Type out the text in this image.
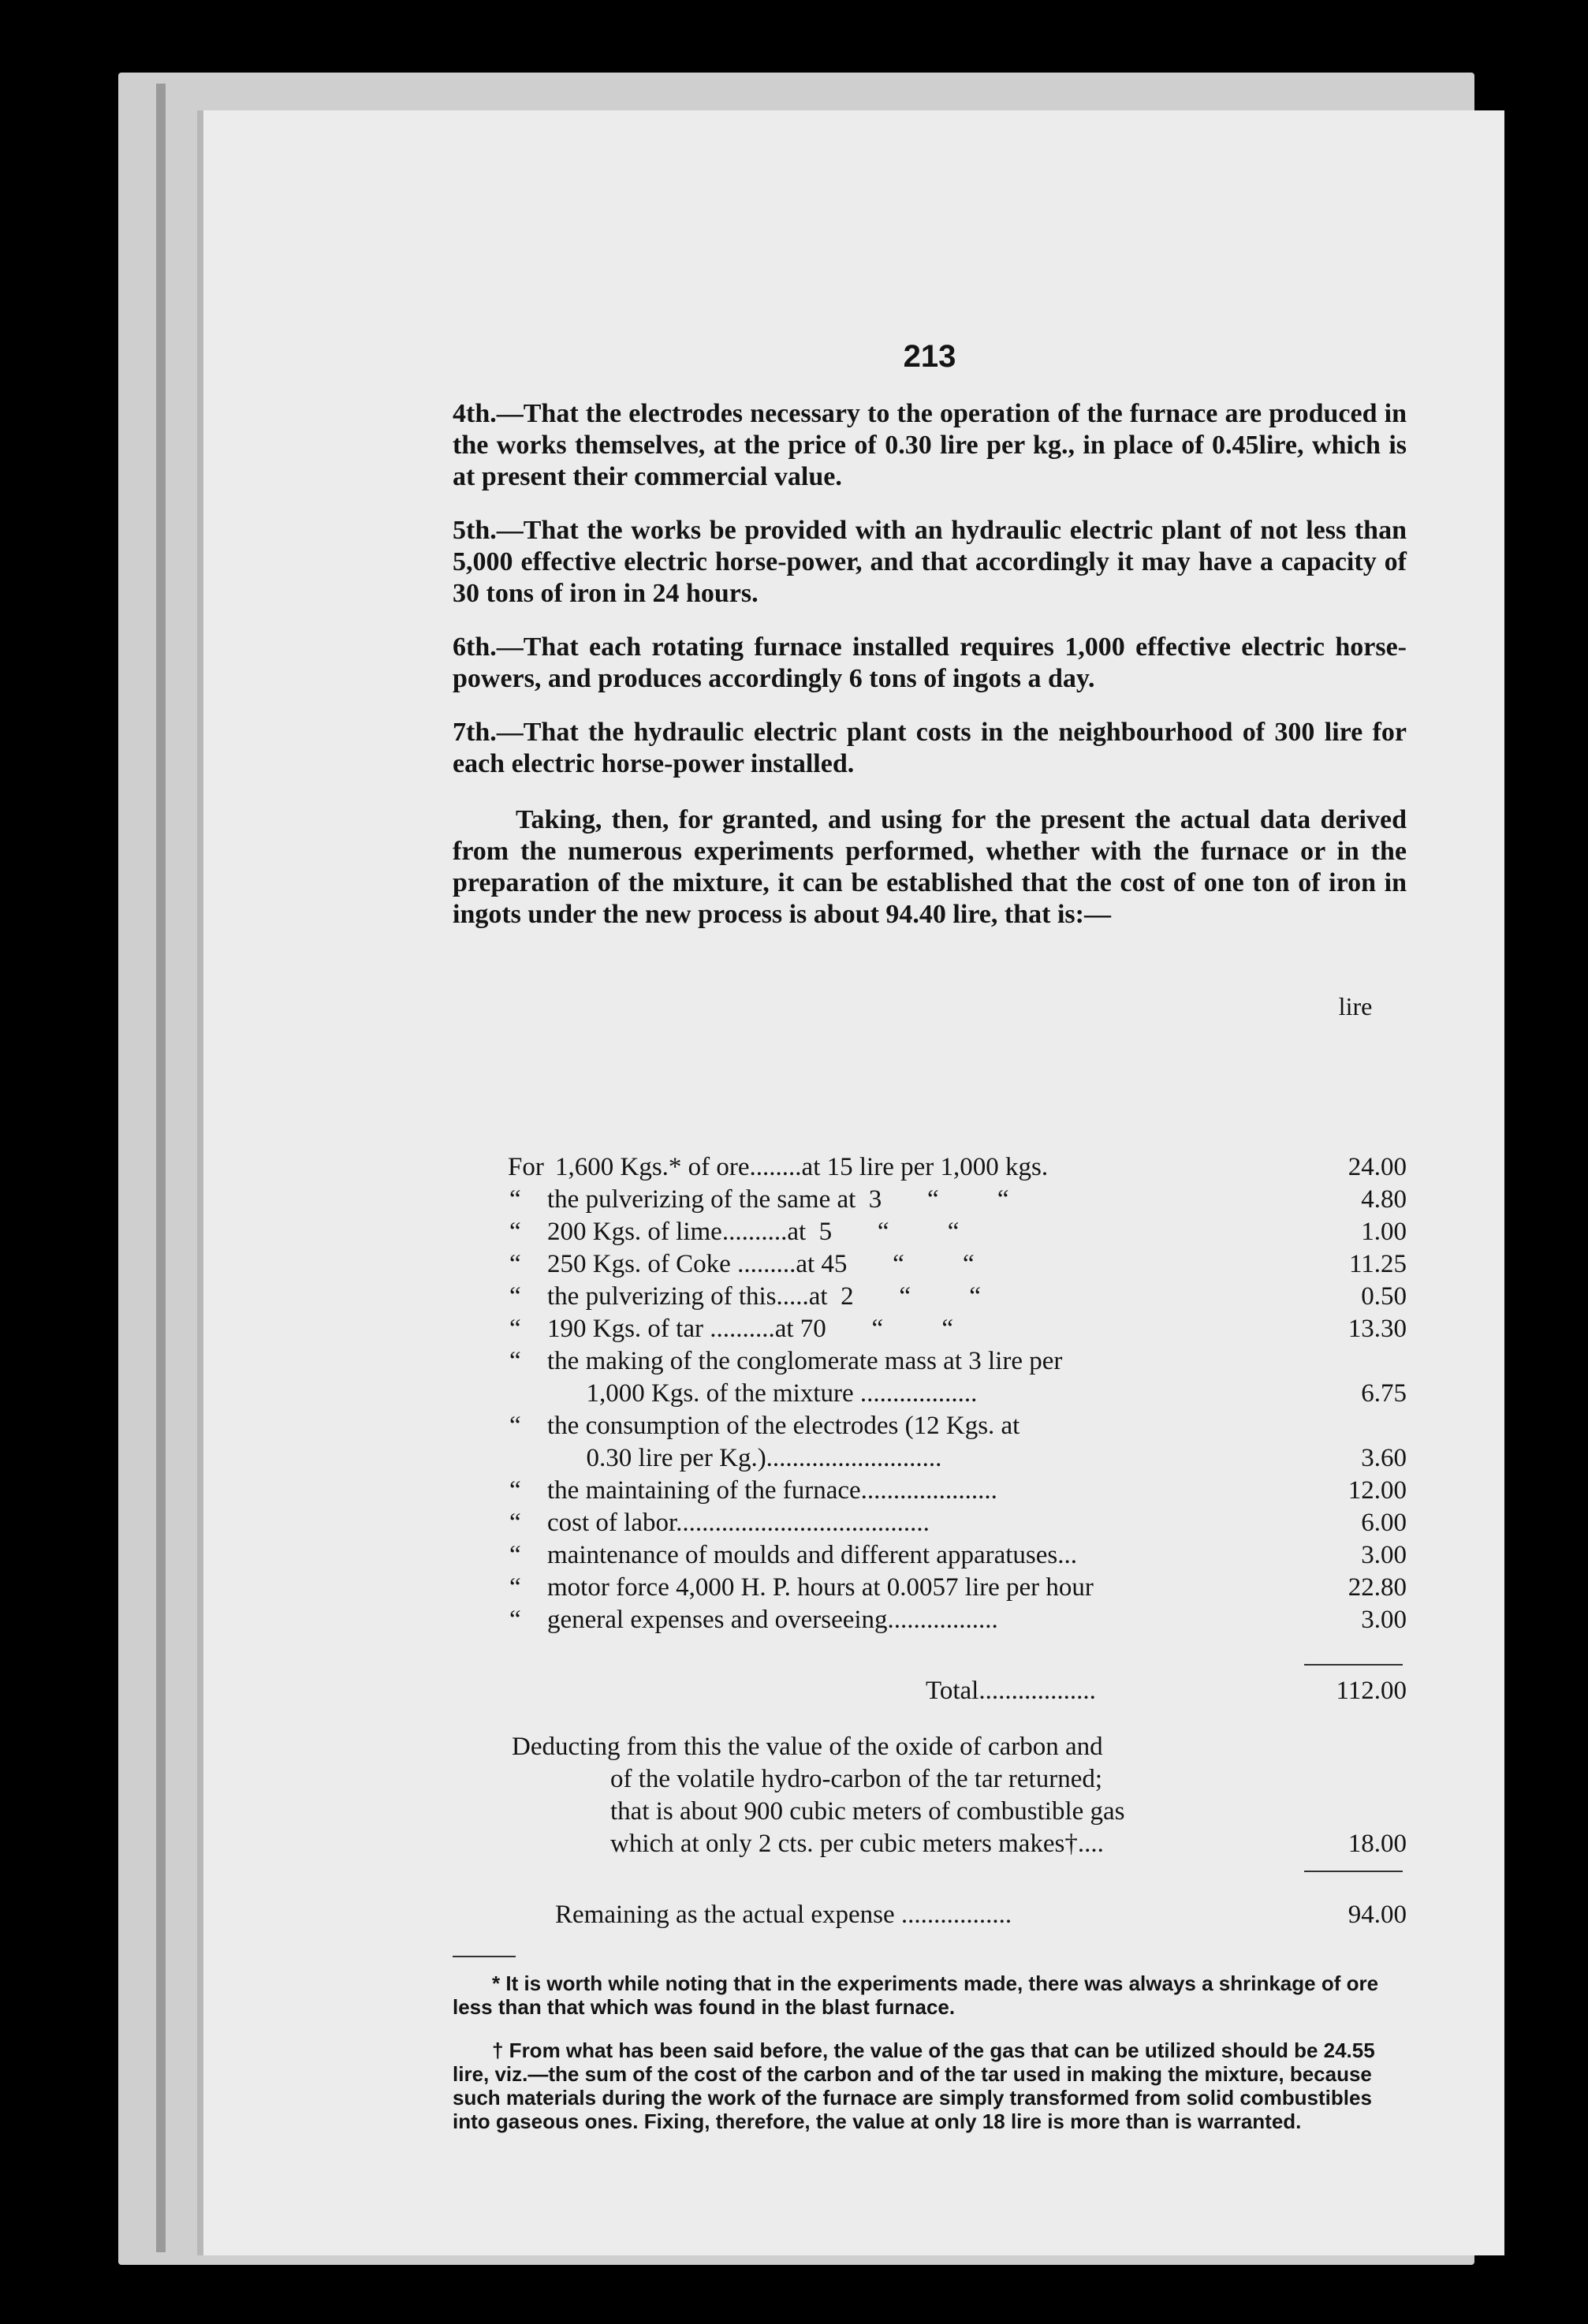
213

4th.—That the electrodes necessary to the operation of the furnace are produced in the works themselves, at the price of 0.30 lire per kg., in place of 0.45lire, which is at present their commercial value.

5th.—That the works be provided with an hydraulic electric plant of not less than 5,000 effective electric horse-power, and that accordingly it may have a capacity of 30 tons of iron in 24 hours.

6th.—That each rotating furnace installed requires 1,000 effective electric horse-powers, and produces accordingly 6 tons of ingots a day.

7th.—That the hydraulic electric plant costs in the neighbourhood of 300 lire for each electric horse-power installed.

Taking, then, for granted, and using for the present the actual data derived from the numerous experiments performed, whether with the furnace or in the preparation of the mixture, it can be established that the cost of one ton of iron in ingots under the new process is about 94.40 lire, that is:—

lire
For 1,600 Kgs.* of ore........at 15 lire per 1,000 kgs.	24.00
“ the pulverizing of the same at  3       “         “	4.80
“ 200 Kgs. of lime..........at  5       “         “	1.00
“ 250 Kgs. of Coke .........at 45       “         “	11.25
“ the pulverizing of this.....at  2       “         “	0.50
“ 190 Kgs. of tar ..........at 70       “         “	13.30
“ the making of the conglomerate mass at 3 lire per
1,000 Kgs. of the mixture ..................	6.75
“ the consumption of the electrodes (12 Kgs. at
0.30 lire per Kg.)...........................	3.60
“ the maintaining of the furnace.....................	12.00
“ cost of labor.......................................	6.00
“ maintenance of moulds and different apparatuses...	3.00
“ motor force 4,000 H. P. hours at 0.0057 lire per hour	22.80
“ general expenses and overseeing.................	3.00
Total..................	112.00
Deducting from this the value of the oxide of carbon and
of the volatile hydro-carbon of the tar returned;
that is about 900 cubic meters of combustible gas
which at only 2 cts. per cubic meters makes†....	18.00
Remaining as the actual expense .................	94.00
* It is worth while noting that in the experiments made, there was always a shrinkage of ore less than that which was found in the blast furnace.
† From what has been said before, the value of the gas that can be utilized should be 24.55 lire, viz.—the sum of the cost of the carbon and of the tar used in making the mixture, because such materials during the work of the furnace are simply transformed from solid combustibles into gaseous ones. Fixing, therefore, the value at only 18 lire is more than is warranted.
